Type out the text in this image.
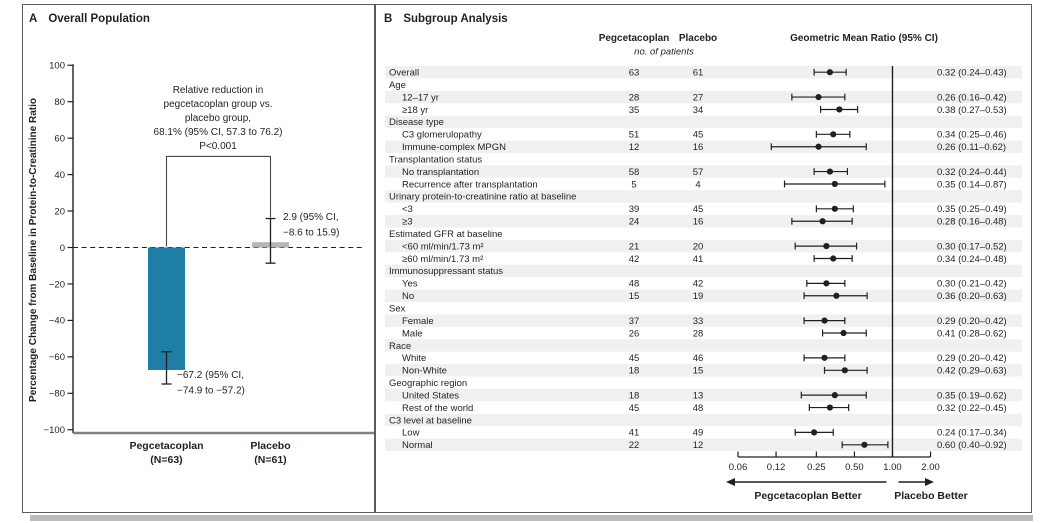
A Overall Population	B Subgroup Analysis
100
80
60
40
20
0
−20
−40
−60
−80
−100
Percentage Change from Baseline in Protein-to-Creatinine Ratio
Relative reduction in
pegcetacoplan group vs.
placebo group,
68.1% (95% CI, 57.3 to 76.2)
P<0.001
−67.2 (95% CI,
−74.9 to −57.2)
2.9 (95% CI,
−8.6 to 15.9)
Pegcetacoplan
(N=63)
Placebo
(N=61)
Pegcetacoplan Placebo
no. of patients
Geometric Mean Ratio (95% CI)
Overall	63	61	0.32 (0.24–0.43)
Age
12–17 yr	28	27	0.26 (0.16–0.42)
≥18 yr	35	34	0.38 (0.27–0.53)
Disease type
C3 glomerulopathy	51	45	0.34 (0.25–0.46)
Immune-complex MPGN	12	16	0.26 (0.11–0.62)
Transplantation status
No transplantation	58	57	0.32 (0.24–0.44)
Recurrence after transplantation	5	4	0.35 (0.14–0.87)
Urinary protein-to-creatinine ratio at baseline
<3	39	45	0.35 (0.25–0.49)
≥3	24	16	0.28 (0.16–0.48)
Estimated GFR at baseline
<60 ml/min/1.73 m²	21	20	0.30 (0.17–0.52)
≥60 ml/min/1.73 m²	42	41	0.34 (0.24–0.48)
Immunosuppressant status
Yes	48	42	0.30 (0.21–0.42)
No	15	19	0.36 (0.20–0.63)
Sex
Female	37	33	0.29 (0.20–0.42)
Male	26	28	0.41 (0.28–0.62)
Race
White	45	46	0.29 (0.20–0.42)
Non-White	18	15	0.42 (0.29–0.63)
Geographic region
United States	18	13	0.35 (0.19–0.62)
Rest of the world	45	48	0.32 (0.22–0.45)
C3 level at baseline
Low	41	49	0.24 (0.17–0.34)
Normal	22	12	0.60 (0.40–0.92)
0.06 0.12 0.25 0.50 1.00 2.00
Pegcetacoplan Better	Placebo Better
